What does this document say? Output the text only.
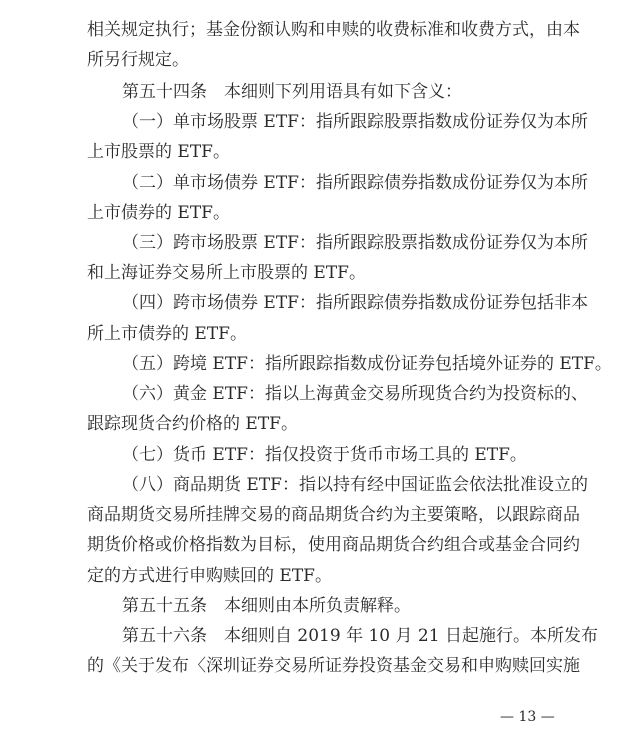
相关规定执行；基金份额认购和申赎的收费标准和收费方式，由本
所另行规定。
第五十四条　本细则下列用语具有如下含义：
（一）单市场股票 ETF：指所跟踪股票指数成份证券仅为本所
上市股票的 ETF。
（二）单市场债券 ETF：指所跟踪债券指数成份证券仅为本所
上市债券的 ETF。
（三）跨市场股票 ETF：指所跟踪股票指数成份证券仅为本所
和上海证券交易所上市股票的 ETF。
（四）跨市场债券 ETF：指所跟踪债券指数成份证券包括非本
所上市债券的 ETF。
（五）跨境 ETF：指所跟踪指数成份证券包括境外证券的 ETF。
（六）黄金 ETF：指以上海黄金交易所现货合约为投资标的、
跟踪现货合约价格的 ETF。
（七）货币 ETF：指仅投资于货币市场工具的 ETF。
（八）商品期货 ETF：指以持有经中国证监会依法批准设立的
商品期货交易所挂牌交易的商品期货合约为主要策略，以跟踪商品
期货价格或价格指数为目标，使用商品期货合约组合或基金合同约
定的方式进行申购赎回的 ETF。
第五十五条　本细则由本所负责解释。
第五十六条　本细则自 2019 年 10 月 21 日起施行。本所发布
的《关于发布〈深圳证券交易所证券投资基金交易和申购赎回实施
— 13 —
